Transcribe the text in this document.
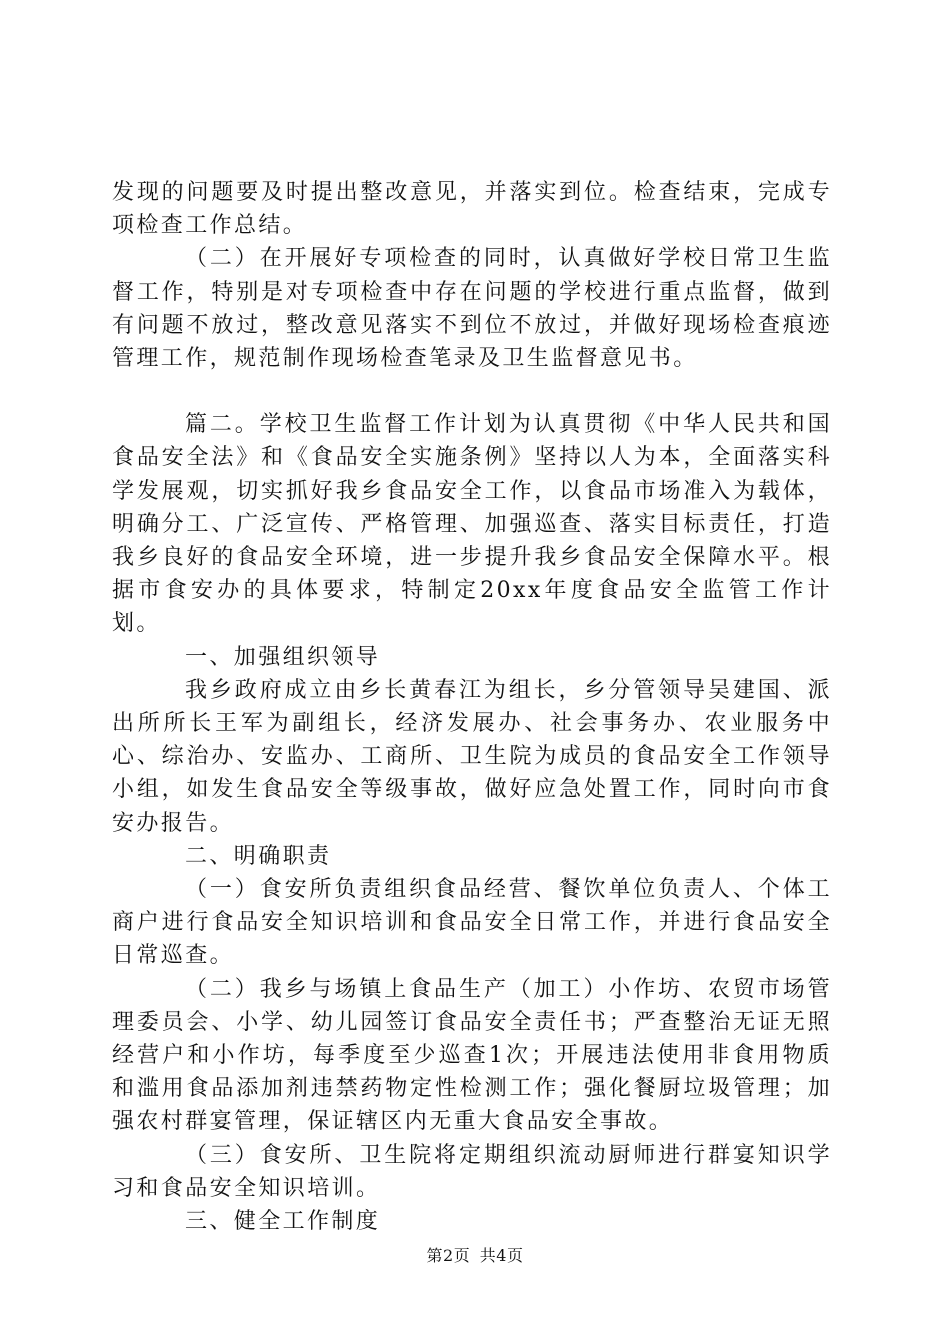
发现的问题要及时提出整改意见，并落实到位。检查结束，完成专项检查工作总结。

（二）在开展好专项检查的同时，认真做好学校日常卫生监督工作，特别是对专项检查中存在问题的学校进行重点监督，做到有问题不放过，整改意见落实不到位不放过，并做好现场检查痕迹管理工作，规范制作现场检查笔录及卫生监督意见书。

篇二。学校卫生监督工作计划为认真贯彻《中华人民共和国食品安全法》和《食品安全实施条例》坚持以人为本，全面落实科学发展观，切实抓好我乡食品安全工作，以食品市场准入为载体，明确分工、广泛宣传、严格管理、加强巡查、落实目标责任，打造我乡良好的食品安全环境，进一步提升我乡食品安全保障水平。根据市食安办的具体要求，特制定20xx年度食品安全监管工作计划。

一、加强组织领导

我乡政府成立由乡长黄春江为组长，乡分管领导吴建国、派出所所长王军为副组长，经济发展办、社会事务办、农业服务中心、综治办、安监办、工商所、卫生院为成员的食品安全工作领导小组，如发生食品安全等级事故，做好应急处置工作，同时向市食安办报告。

二、明确职责

（一）食安所负责组织食品经营、餐饮单位负责人、个体工商户进行食品安全知识培训和食品安全日常工作，并进行食品安全日常巡查。

（二）我乡与场镇上食品生产（加工）小作坊、农贸市场管理委员会、小学、幼儿园签订食品安全责任书；严查整治无证无照经营户和小作坊，每季度至少巡查1次；开展违法使用非食用物质和滥用食品添加剂违禁药物定性检测工作；强化餐厨垃圾管理；加强农村群宴管理，保证辖区内无重大食品安全事故。

（三）食安所、卫生院将定期组织流动厨师进行群宴知识学习和食品安全知识培训。

三、健全工作制度

第2页 共4页
